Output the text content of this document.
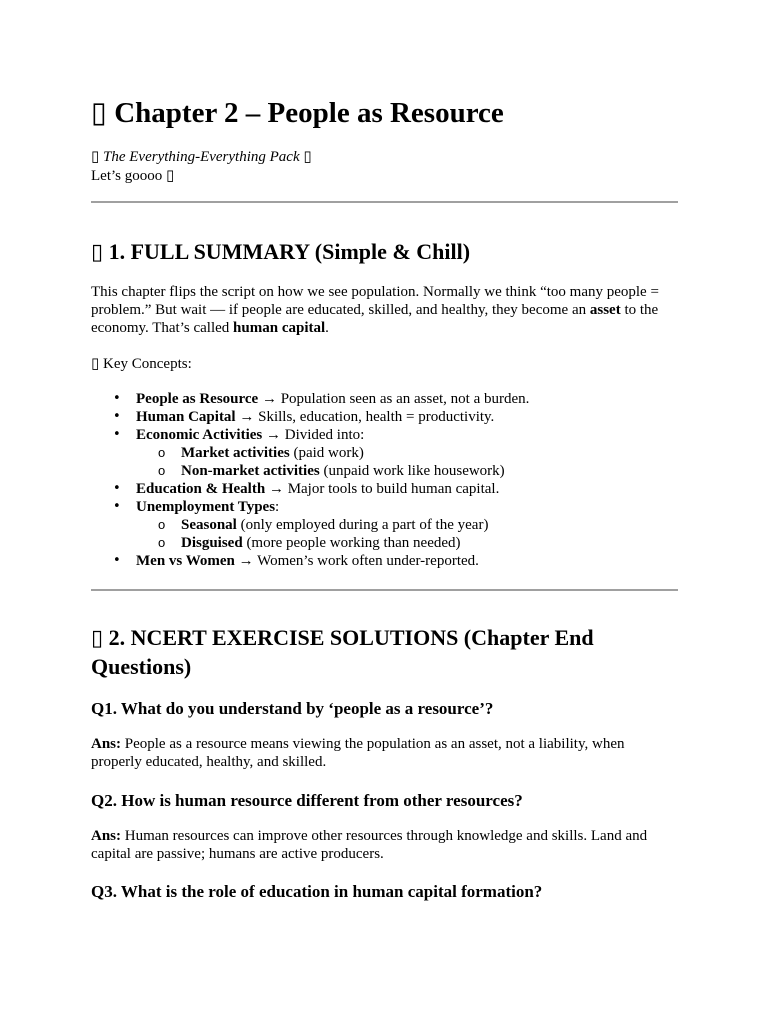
▯ Chapter 2 – People as Resource
▯ The Everything-Everything Pack ▯
Let’s goooo ▯
▯ 1. FULL SUMMARY (Simple & Chill)

This chapter flips the script on how we see population. Normally we think “too many people = problem.” But wait — if people are educated, skilled, and healthy, they become an asset to the economy. That’s called human capital.

▯ Key Concepts:

• People as Resource → Population seen as an asset, not a burden.
• Human Capital → Skills, education, health = productivity.
• Economic Activities → Divided into:
o Market activities (paid work)
o Non-market activities (unpaid work like housework)
• Education & Health → Major tools to build human capital.
• Unemployment Types:
o Seasonal (only employed during a part of the year)
o Disguised (more people working than needed)
• Men vs Women → Women’s work often under-reported.
▯ 2. NCERT EXERCISE SOLUTIONS (Chapter End Questions)
Q1. What do you understand by ‘people as a resource’?

Ans: People as a resource means viewing the population as an asset, not a liability, when properly educated, healthy, and skilled.

Q2. How is human resource different from other resources?

Ans: Human resources can improve other resources through knowledge and skills. Land and capital are passive; humans are active producers.

Q3. What is the role of education in human capital formation?
